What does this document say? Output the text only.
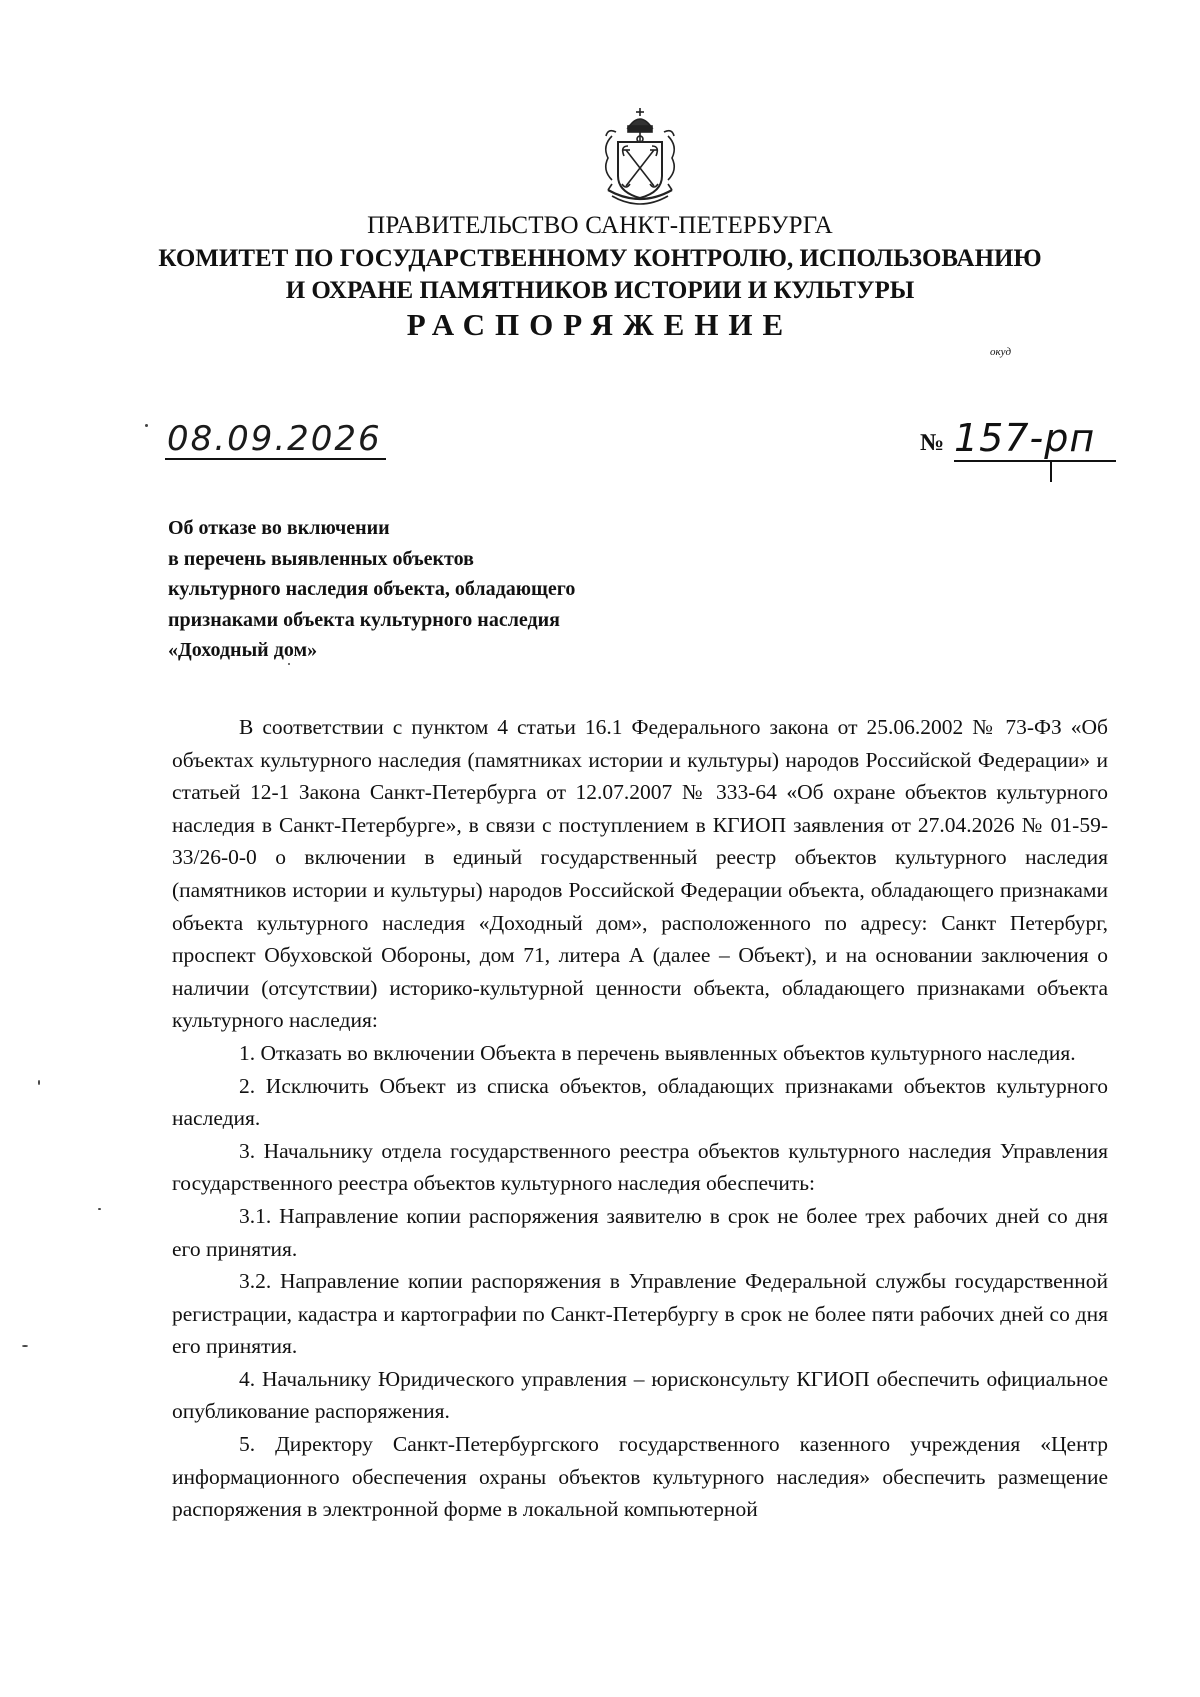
ПРАВИТЕЛЬСТВО САНКТ-ПЕТЕРБУРГА
КОМИТЕТ ПО ГОСУДАРСТВЕННОМУ КОНТРОЛЮ, ИСПОЛЬЗОВАНИЮ
И ОХРАНЕ ПАМЯТНИКОВ ИСТОРИИ И КУЛЬТУРЫ
РАСПОРЯЖЕНИЕ
окуд
08.09.2026	№ 157-рп
Об отказе во включении
в перечень выявленных объектов
культурного наследия объекта, обладающего
признаками объекта культурного наследия
«Доходный дом»

В соответствии с пунктом 4 статьи 16.1 Федерального закона от 25.06.2002 № 73-ФЗ «Об объектах культурного наследия (памятниках истории и культуры) народов Российской Федерации» и статьей 12-1 Закона Санкт-Петербурга от 12.07.2007 № 333-64 «Об охране объектов культурного наследия в Санкт-Петербурге», в связи с поступлением в КГИОП заявления от 27.04.2026 № 01-59-33/26-0-0 о включении в единый государственный реестр объектов культурного наследия (памятников истории и культуры) народов Российской Федерации объекта, обладающего признаками объекта культурного наследия «Доходный дом», расположенного по адресу: Санкт Петербург, проспект Обуховской Обороны, дом 71, литера А (далее – Объект), и на основании заключения о наличии (отсутствии) историко-культурной ценности объекта, обладающего признаками объекта культурного наследия:

1. Отказать во включении Объекта в перечень выявленных объектов культурного наследия.

2. Исключить Объект из списка объектов, обладающих признаками объектов культурного наследия.

3. Начальнику отдела государственного реестра объектов культурного наследия Управления государственного реестра объектов культурного наследия обеспечить:

3.1. Направление копии распоряжения заявителю в срок не более трех рабочих дней со дня его принятия.

3.2. Направление копии распоряжения в Управление Федеральной службы государственной регистрации, кадастра и картографии по Санкт-Петербургу в срок не более пяти рабочих дней со дня его принятия.

4. Начальнику Юридического управления – юрисконсульту КГИОП обеспечить официальное опубликование распоряжения.

5. Директору Санкт-Петербургского государственного казенного учреждения «Центр информационного обеспечения охраны объектов культурного наследия» обеспечить размещение распоряжения в электронной форме в локальной компьютерной
